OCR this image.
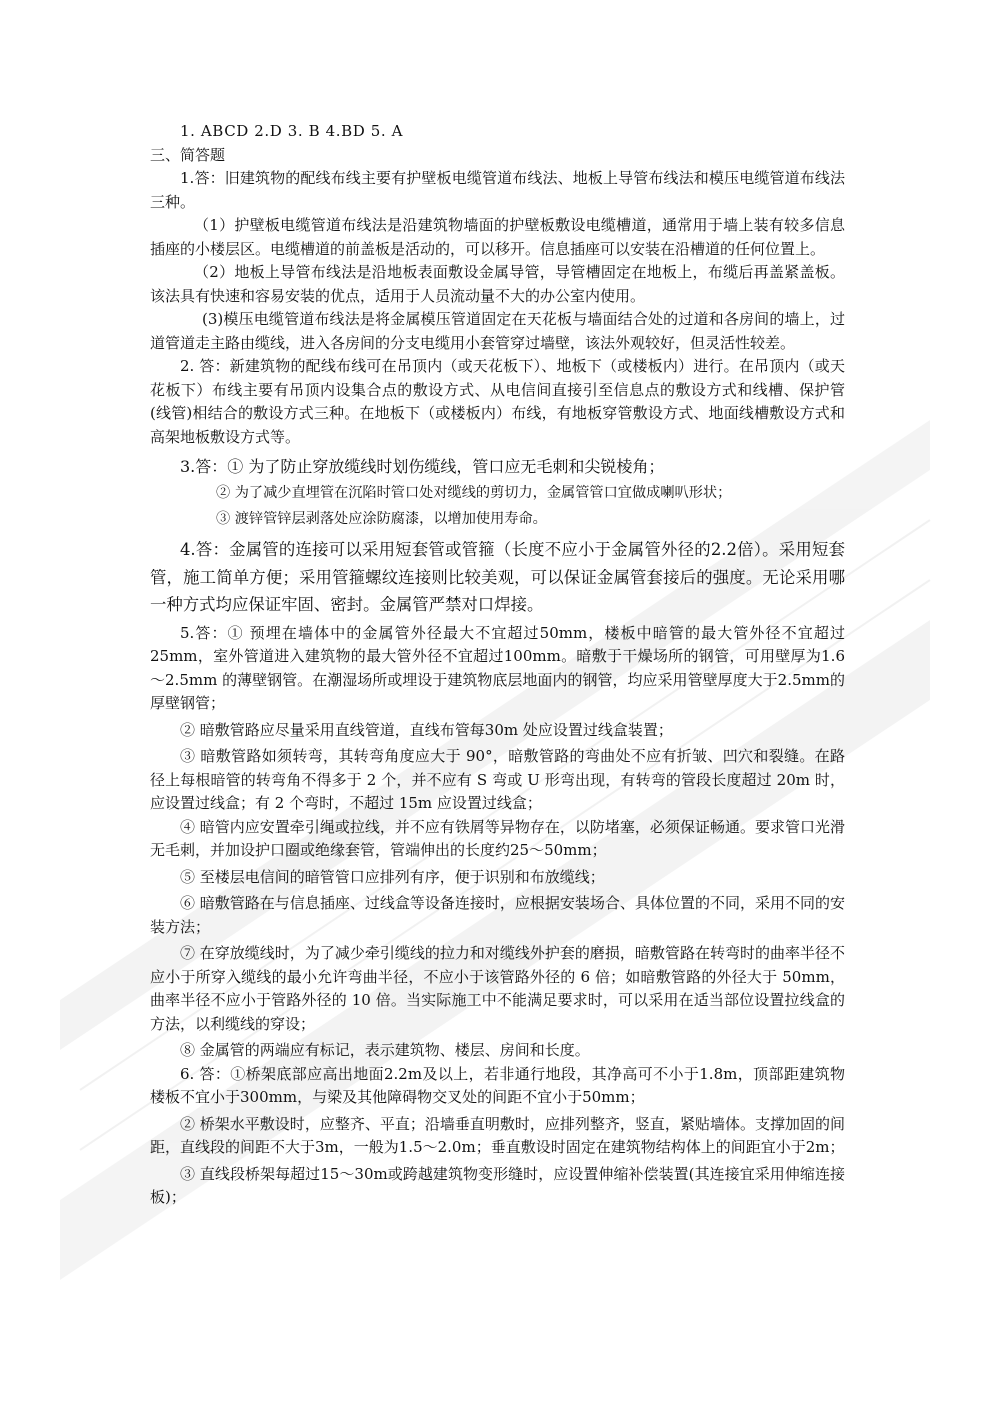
1. ABCD 2.D 3. B 4.BD 5. A

三、简答题

1.答：旧建筑物的配线布线主要有护壁板电缆管道布线法、地板上导管布线法和模压电缆管道布线法三种。

（1）护壁板电缆管道布线法是沿建筑物墙面的护壁板敷设电缆槽道，通常用于墙上装有较多信息插座的小楼层区。电缆槽道的前盖板是活动的，可以移开。信息插座可以安装在沿槽道的任何位置上。

（2）地板上导管布线法是沿地板表面敷设金属导管，导管槽固定在地板上，布缆后再盖紧盖板。该法具有快速和容易安装的优点，适用于人员流动量不大的办公室内使用。

(3)模压电缆管道布线法是将金属模压管道固定在天花板与墙面结合处的过道和各房间的墙上，过道管道走主路由缆线，进入各房间的分支电缆用小套管穿过墙壁，该法外观较好，但灵活性较差。

2. 答：新建筑物的配线布线可在吊顶内（或天花板下）、地板下（或楼板内）进行。在吊顶内（或天花板下）布线主要有吊顶内设集合点的敷设方式、从电信间直接引至信息点的敷设方式和线槽、保护管(线管)相结合的敷设方式三种。在地板下（或楼板内）布线，有地板穿管敷设方式、地面线槽敷设方式和高架地板敷设方式等。

3.答：① 为了防止穿放缆线时划伤缆线，管口应无毛刺和尖锐棱角；

② 为了减少直埋管在沉陷时管口处对缆线的剪切力，金属管管口宜做成喇叭形状；

③ 渡锌管锌层剥落处应涂防腐漆，以增加使用寿命。

4.答：金属管的连接可以采用短套管或管箍（长度不应小于金属管外径的2.2倍）。采用短套管，施工简单方便；采用管箍螺纹连接则比较美观，可以保证金属管套接后的强度。无论采用哪一种方式均应保证牢固、密封。金属管严禁对口焊接。

5.答：① 预埋在墙体中的金属管外径最大不宜超过50mm，楼板中暗管的最大管外径不宜超过25mm，室外管道进入建筑物的最大管外径不宜超过100mm。暗敷于干燥场所的钢管，可用壁厚为1.6～2.5mm 的薄壁钢管。在潮湿场所或埋设于建筑物底层地面内的钢管，均应采用管壁厚度大于2.5mm的厚壁钢管；

② 暗敷管路应尽量采用直线管道，直线布管每30m 处应设置过线盒装置；

③ 暗敷管路如须转弯，其转弯角度应大于 90°，暗敷管路的弯曲处不应有折皱、凹穴和裂缝。在路径上每根暗管的转弯角不得多于 2 个，并不应有 S 弯或 U 形弯出现，有转弯的管段长度超过 20m 时，应设置过线盒；有 2 个弯时，不超过 15m 应设置过线盒；

④ 暗管内应安置牵引绳或拉线，并不应有铁屑等异物存在，以防堵塞，必须保证畅通。要求管口光滑无毛刺，并加设护口圈或绝缘套管，管端伸出的长度约25～50mm；

⑤ 至楼层电信间的暗管管口应排列有序，便于识别和布放缆线；

⑥ 暗敷管路在与信息插座、过线盒等设备连接时，应根据安装场合、具体位置的不同，采用不同的安装方法；

⑦ 在穿放缆线时，为了减少牵引缆线的拉力和对缆线外护套的磨损，暗敷管路在转弯时的曲率半径不应小于所穿入缆线的最小允许弯曲半径，不应小于该管路外径的 6 倍；如暗敷管路的外径大于 50mm，曲率半径不应小于管路外径的 10 倍。当实际施工中不能满足要求时，可以采用在适当部位设置拉线盒的方法，以利缆线的穿设；

⑧ 金属管的两端应有标记，表示建筑物、楼层、房间和长度。

6. 答：①桥架底部应高出地面2.2m及以上，若非通行地段，其净高可不小于1.8m，顶部距建筑物楼板不宜小于300mm，与梁及其他障碍物交叉处的间距不宜小于50mm；

② 桥架水平敷设时，应整齐、平直；沿墙垂直明敷时，应排列整齐，竖直，紧贴墙体。支撑加固的间距，直线段的间距不大于3m，一般为1.5～2.0m；垂直敷设时固定在建筑物结构体上的间距宜小于2m；

③ 直线段桥架每超过15～30m或跨越建筑物变形缝时，应设置伸缩补偿装置(其连接宜采用伸缩连接板)；
